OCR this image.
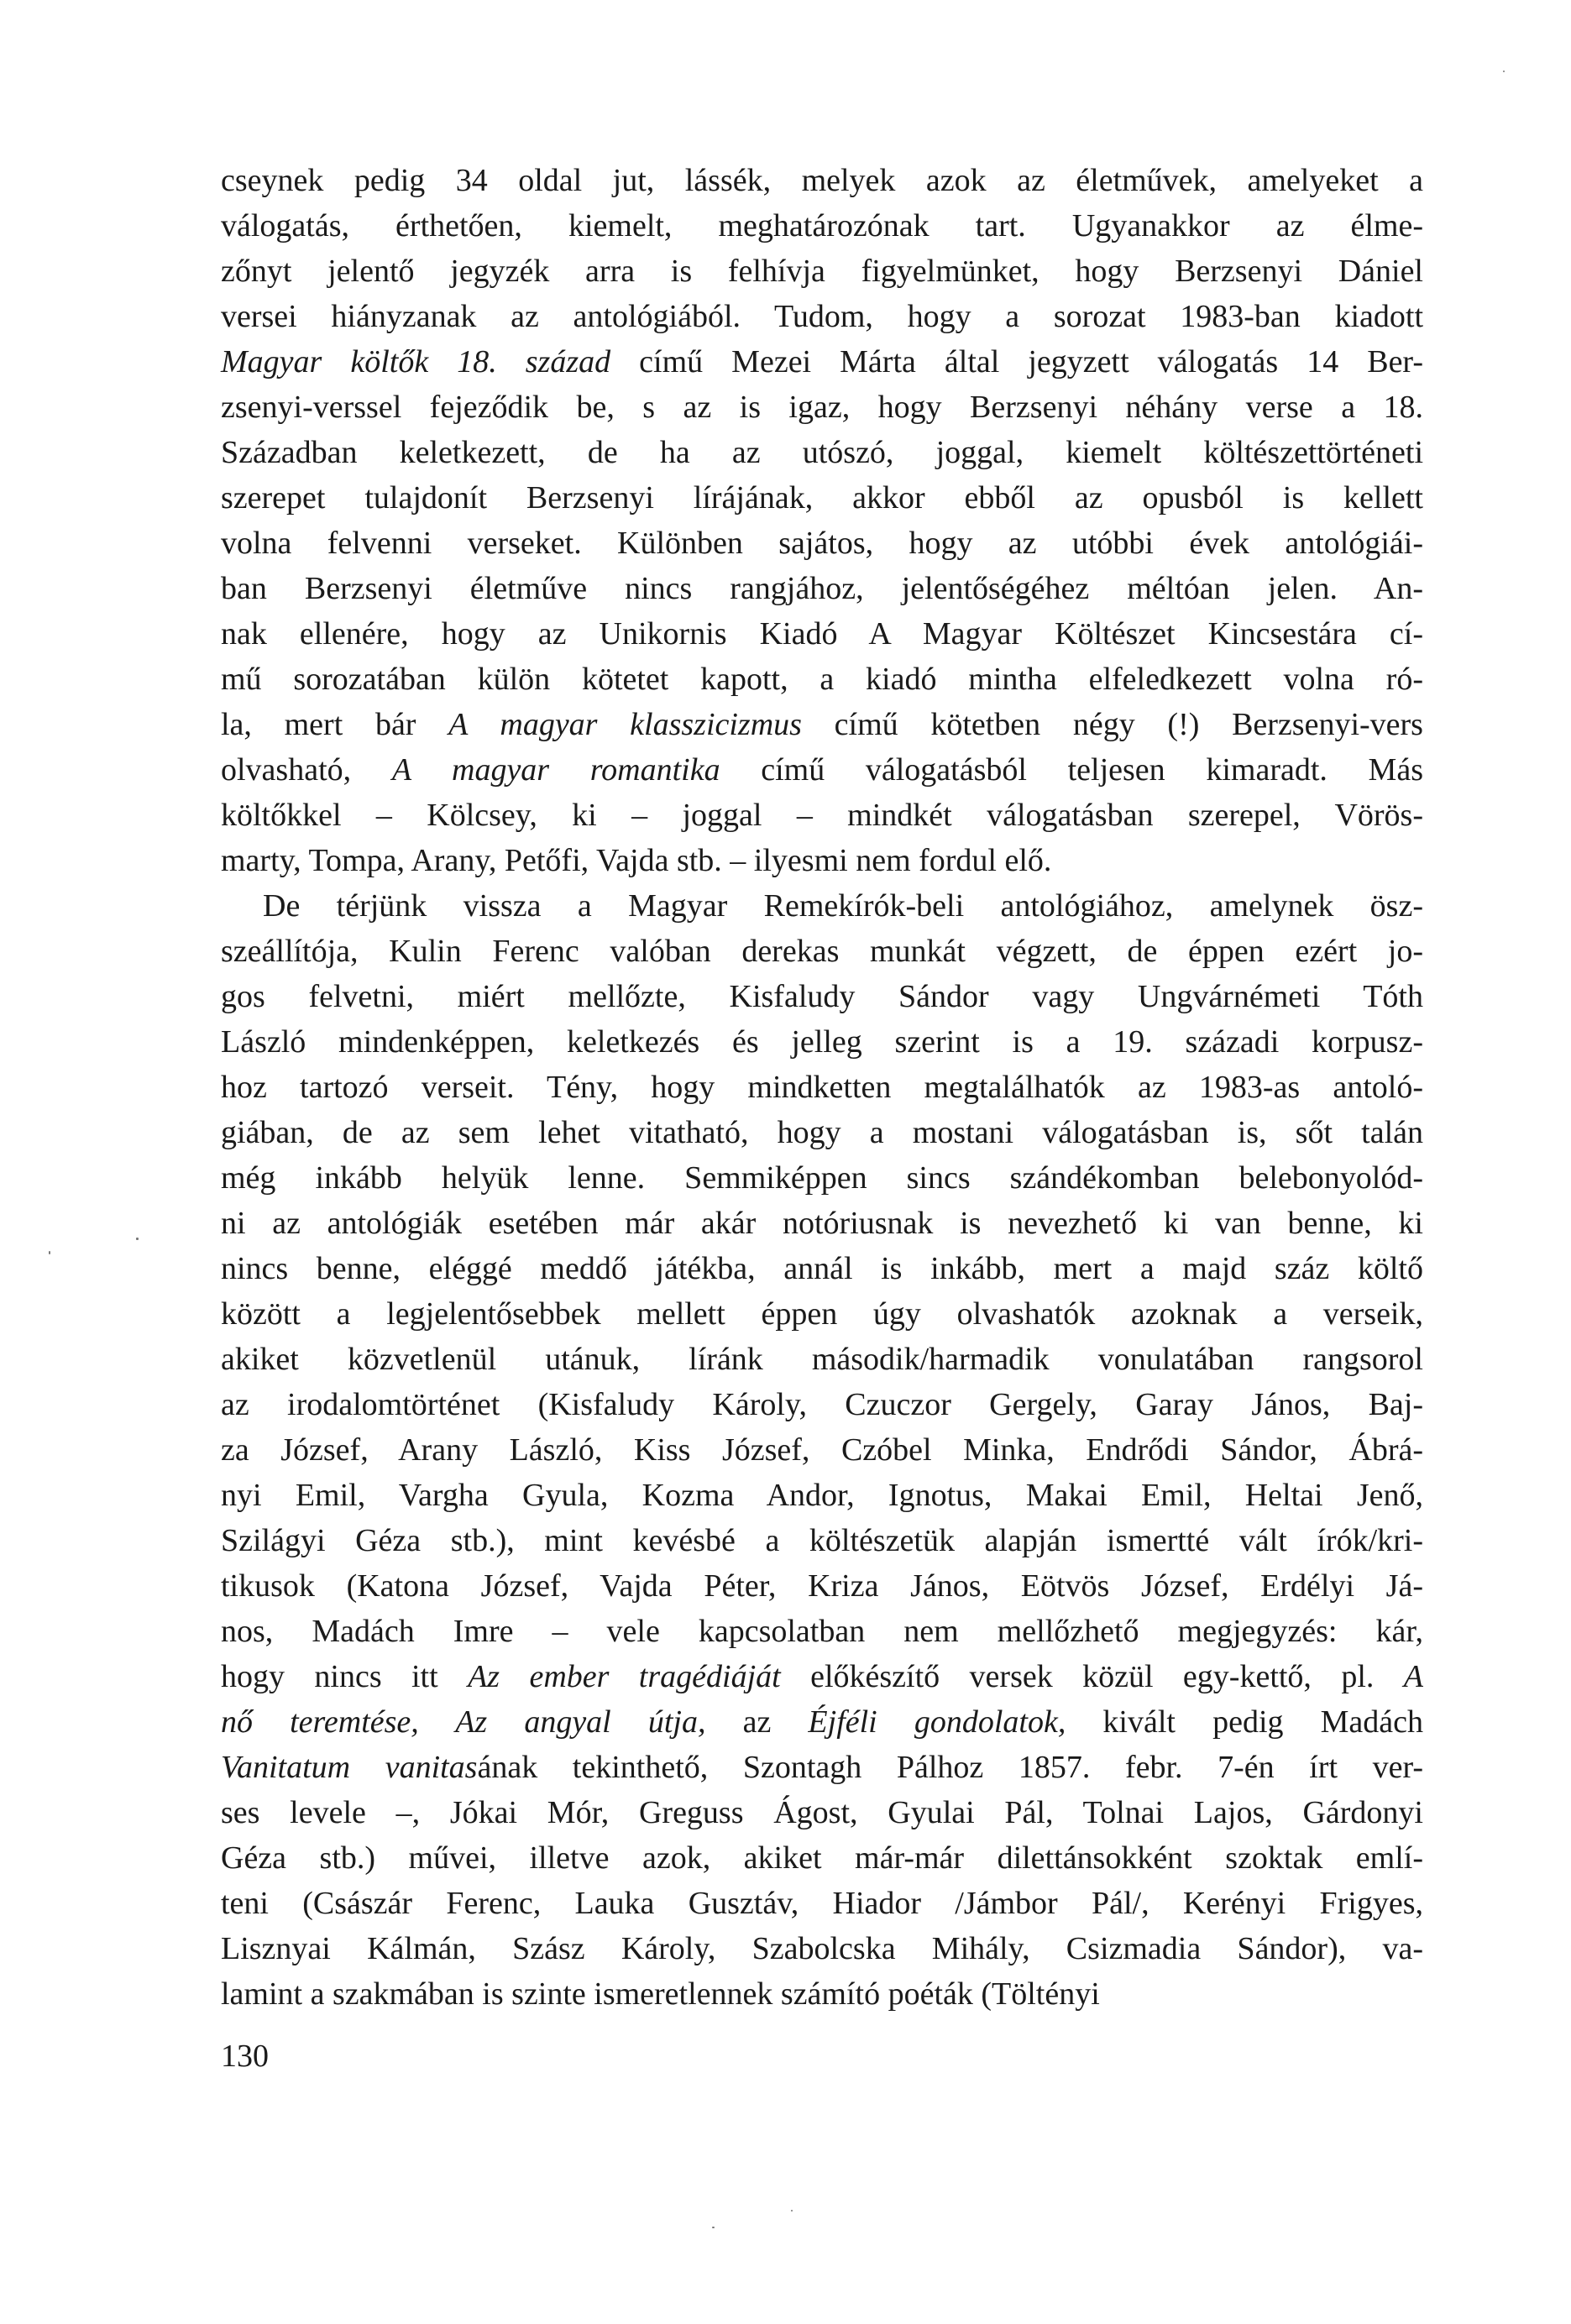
cseynek pedig 34 oldal jut, lássék, melyek azok az életművek, amelyeket a
válogatás, érthetően, kiemelt, meghatározónak tart. Ugyanakkor az élme-
zőnyt jelentő jegyzék arra is felhívja figyelmünket, hogy Berzsenyi Dániel
versei hiányzanak az antológiából. Tudom, hogy a sorozat 1983-ban kiadott
Magyar költők 18. század című Mezei Márta által jegyzett válogatás 14 Ber-
zsenyi-verssel fejeződik be, s az is igaz, hogy Berzsenyi néhány verse a 18.
Században keletkezett, de ha az utószó, joggal, kiemelt költészettörténeti
szerepet tulajdonít Berzsenyi lírájának, akkor ebből az opusból is kellett
volna felvenni verseket. Különben sajátos, hogy az utóbbi évek antológiái-
ban Berzsenyi életműve nincs rangjához, jelentőségéhez méltóan jelen. An-
nak ellenére, hogy az Unikornis Kiadó A Magyar Költészet Kincsestára cí-
mű sorozatában külön kötetet kapott, a kiadó mintha elfeledkezett volna ró-
la, mert bár A magyar klasszicizmus című kötetben négy (!) Berzsenyi-vers
olvasható, A magyar romantika című válogatásból teljesen kimaradt. Más
költőkkel – Kölcsey, ki – joggal – mindkét válogatásban szerepel, Vörös-
marty, Tompa, Arany, Petőfi, Vajda stb. – ilyesmi nem fordul elő.
De térjünk vissza a Magyar Remekírók-beli antológiához, amelynek ösz-
szeállítója, Kulin Ferenc valóban derekas munkát végzett, de éppen ezért jo-
gos felvetni, miért mellőzte, Kisfaludy Sándor vagy Ungvárnémeti Tóth
László mindenképpen, keletkezés és jelleg szerint is a 19. századi korpusz-
hoz tartozó verseit. Tény, hogy mindketten megtalálhatók az 1983-as antoló-
giában, de az sem lehet vitatható, hogy a mostani válogatásban is, sőt talán
még inkább helyük lenne. Semmiképpen sincs szándékomban belebonyolód-
ni az antológiák esetében már akár notóriusnak is nevezhető ki van benne, ki
nincs benne, eléggé meddő játékba, annál is inkább, mert a majd száz költő
között a legjelentősebbek mellett éppen úgy olvashatók azoknak a verseik,
akiket közvetlenül utánuk, líránk második/harmadik vonulatában rangsorol
az irodalomtörténet (Kisfaludy Károly, Czuczor Gergely, Garay János, Baj-
za József, Arany László, Kiss József, Czóbel Minka, Endrődi Sándor, Ábrá-
nyi Emil, Vargha Gyula, Kozma Andor, Ignotus, Makai Emil, Heltai Jenő,
Szilágyi Géza stb.), mint kevésbé a költészetük alapján ismertté vált írók/kri-
tikusok (Katona József, Vajda Péter, Kriza János, Eötvös József, Erdélyi Já-
nos, Madách Imre – vele kapcsolatban nem mellőzhető megjegyzés: kár,
hogy nincs itt Az ember tragédiáját előkészítő versek közül egy-kettő, pl. A
nő teremtése, Az angyal útja, az Éjféli gondolatok, kivált pedig Madách
Vanitatum vanitasának tekinthető, Szontagh Pálhoz 1857. febr. 7-én írt ver-
ses levele –, Jókai Mór, Greguss Ágost, Gyulai Pál, Tolnai Lajos, Gárdonyi
Géza stb.) művei, illetve azok, akiket már-már dilettánsokként szoktak emlí-
teni (Császár Ferenc, Lauka Gusztáv, Hiador /Jámbor Pál/, Kerényi Frigyes,
Lisznyai Kálmán, Szász Károly, Szabolcska Mihály, Csizmadia Sándor), va-
lamint a szakmában is szinte ismeretlennek számító poéták (Töltényi
130
